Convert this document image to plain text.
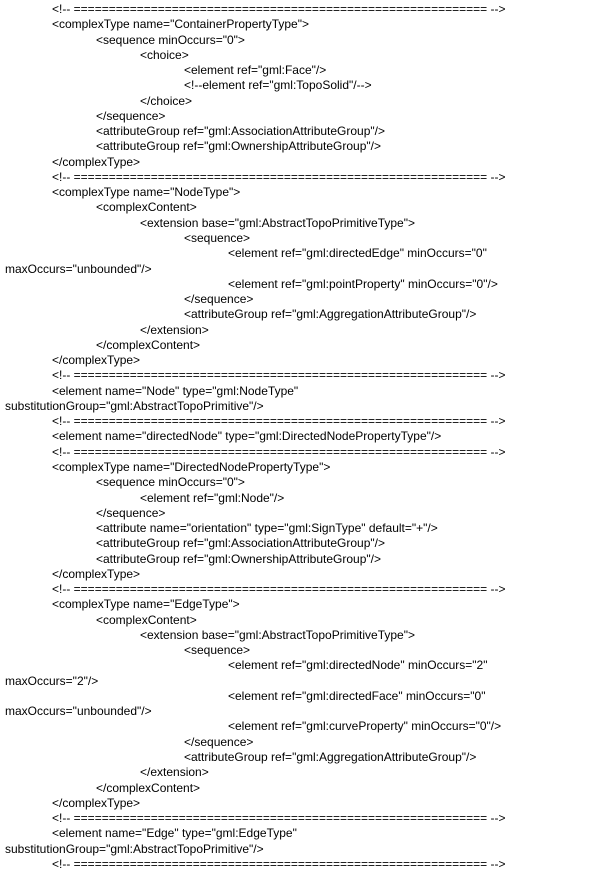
<!-- =========================================================== -->
<complexType name="ContainerPropertyType">
<sequence minOccurs="0">
<choice>
<element ref="gml:Face"/>
<!--element ref="gml:TopoSolid"/-->
</choice>
</sequence>
<attributeGroup ref="gml:AssociationAttributeGroup"/>
<attributeGroup ref="gml:OwnershipAttributeGroup"/>
</complexType>
<!-- =========================================================== -->
<complexType name="NodeType">
<complexContent>
<extension base="gml:AbstractTopoPrimitiveType">
<sequence>
<element ref="gml:directedEdge" minOccurs="0"
maxOccurs="unbounded"/>
<element ref="gml:pointProperty" minOccurs="0"/>
</sequence>
<attributeGroup ref="gml:AggregationAttributeGroup"/>
</extension>
</complexContent>
</complexType>
<!-- =========================================================== -->
<element name="Node" type="gml:NodeType"
substitutionGroup="gml:AbstractTopoPrimitive"/>
<!-- =========================================================== -->
<element name="directedNode" type="gml:DirectedNodePropertyType"/>
<!-- =========================================================== -->
<complexType name="DirectedNodePropertyType">
<sequence minOccurs="0">
<element ref="gml:Node"/>
</sequence>
<attribute name="orientation" type="gml:SignType" default="+"/>
<attributeGroup ref="gml:AssociationAttributeGroup"/>
<attributeGroup ref="gml:OwnershipAttributeGroup"/>
</complexType>
<!-- =========================================================== -->
<complexType name="EdgeType">
<complexContent>
<extension base="gml:AbstractTopoPrimitiveType">
<sequence>
<element ref="gml:directedNode" minOccurs="2"
maxOccurs="2"/>
<element ref="gml:directedFace" minOccurs="0"
maxOccurs="unbounded"/>
<element ref="gml:curveProperty" minOccurs="0"/>
</sequence>
<attributeGroup ref="gml:AggregationAttributeGroup"/>
</extension>
</complexContent>
</complexType>
<!-- =========================================================== -->
<element name="Edge" type="gml:EdgeType"
substitutionGroup="gml:AbstractTopoPrimitive"/>
<!-- =========================================================== -->
